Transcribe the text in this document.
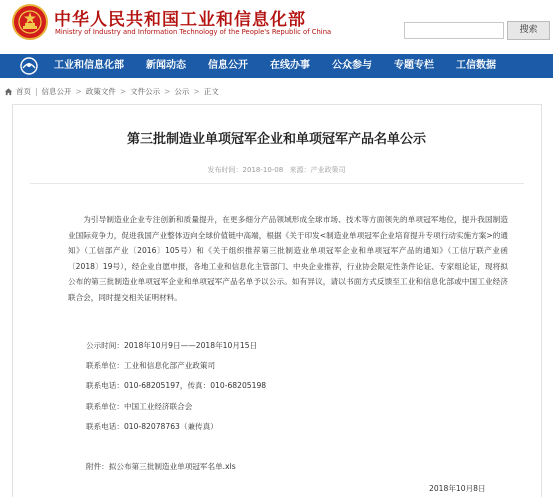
中华人民共和国工业和信息化部
Ministry of Industry and Information Technology of the People's Republic of China	搜索
工业和信息化部	新闻动态	信息公开	在线办事	公众参与	专题专栏	工信数据
首页 | 信息公开 > 政策文件 > 文件公示 > 公示 > 正文
第三批制造业单项冠军企业和单项冠军产品名单公示
发布时间：2018-10-08 来源：产业政策司

为引导制造业企业专注创新和质量提升，在更多细分产品领域形成全球市场、技术等方面领先的单项冠军地位，提升我国制造业国际竞争力，促进我国产业整体迈向全球价值链中高端，根据《关于印发<制造业单项冠军企业培育提升专项行动实施方案>的通知》（工信部产业〔2016〕105号）和《关于组织推荐第三批制造业单项冠军企业和单项冠军产品的通知》（工信厅联产业函〔2018〕19号），经企业自愿申报，各地工业和信息化主管部门、中央企业推荐，行业协会限定性条件论证、专家组论证，现将拟公布的第三批制造业单项冠军企业和单项冠军产品名单予以公示。如有异议，请以书面方式反馈至工业和信息化部或中国工业经济联合会，同时提交相关证明材料。

公示时间：2018年10月9日——2018年10月15日
联系单位：工业和信息化部产业政策司
联系电话：010-68205197，传真：010-68205198
联系单位：中国工业经济联合会
联系电话：010-82078763（兼传真）
附件：拟公布第三批制造业单项冠军名单.xls
2018年10月8日
